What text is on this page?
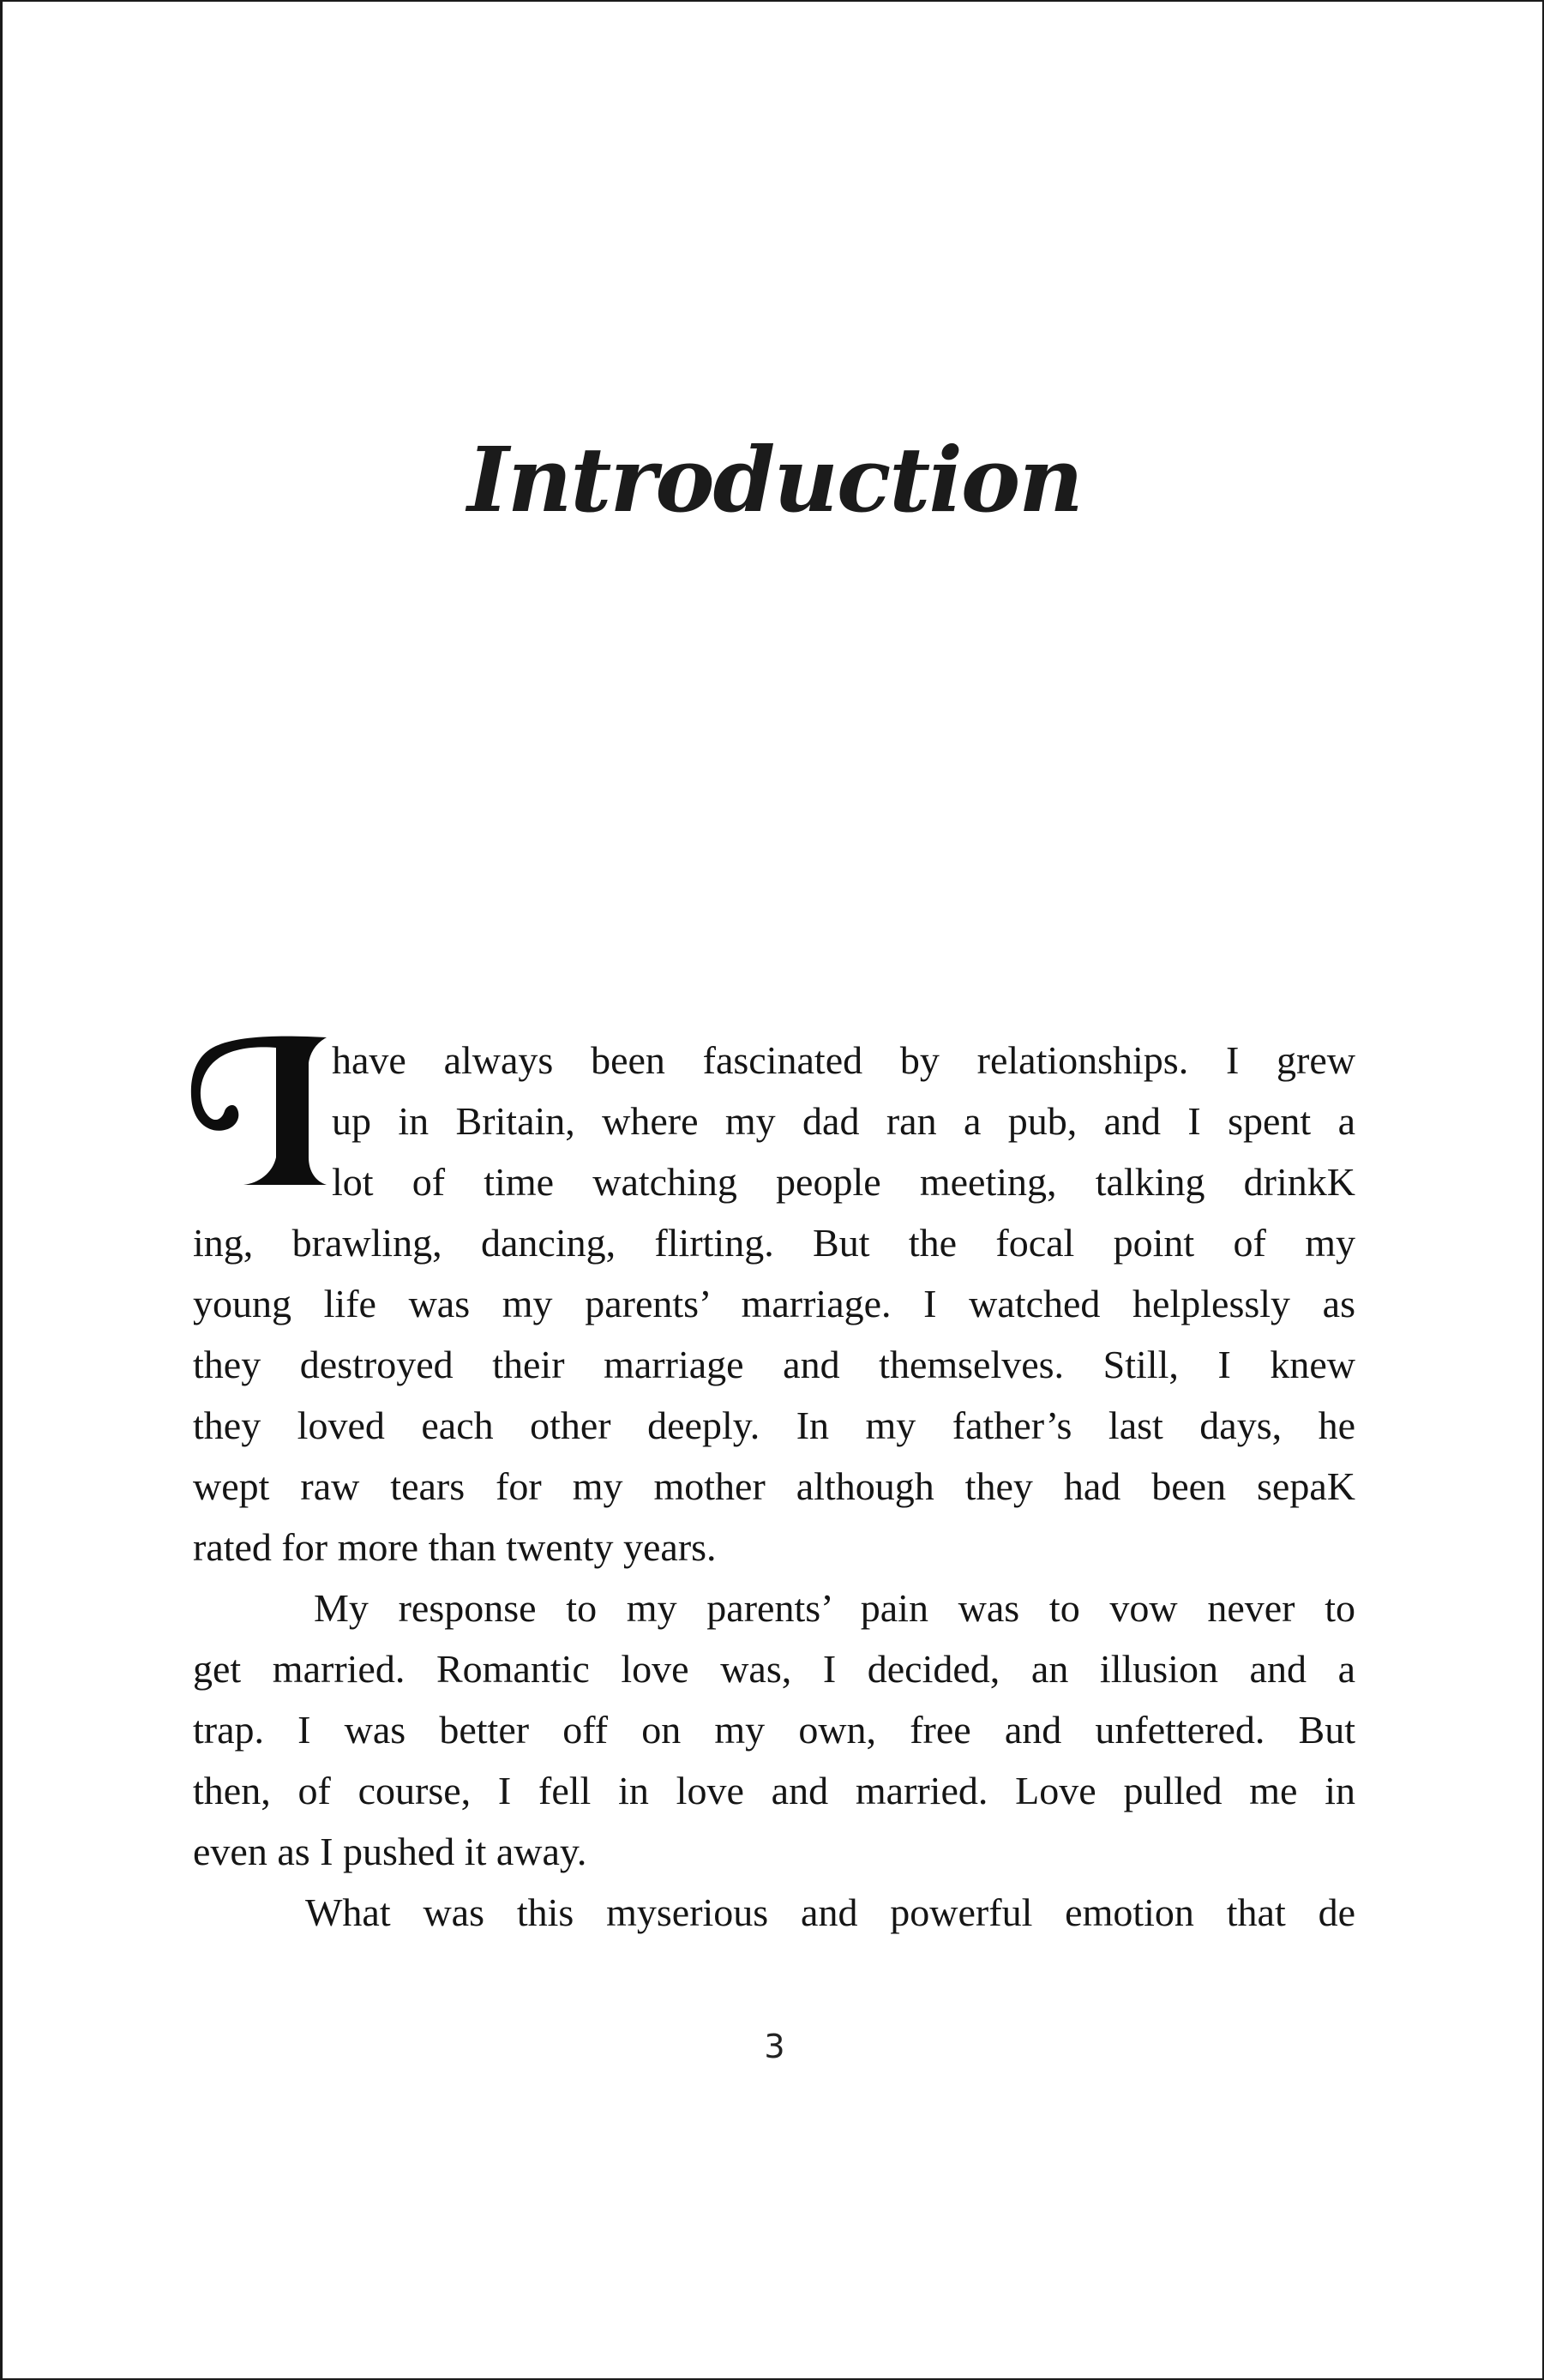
Introduction
have always been fascinated by relationships. I grew
up in Britain, where my dad ran a pub, and I spent a
lot of time watching people meeting, talking drinkK
ing, brawling, dancing, flirting. But the focal point of my
young life was my parents’ marriage. I watched helplessly as
they destroyed their marriage and themselves. Still, I knew
they loved each other deeply. In my father’s last days, he
wept raw tears for my mother although they had been sepaK
rated for more than twenty years.
My response to my parents’ pain was to vow never to
get married. Romantic love was, I decided, an illusion and a
trap. I was better off on my own, free and unfettered. But
then, of course, I fell in love and married. Love pulled me in
even as I pushed it away.
What was this myserious and powerful emotion that de
3
